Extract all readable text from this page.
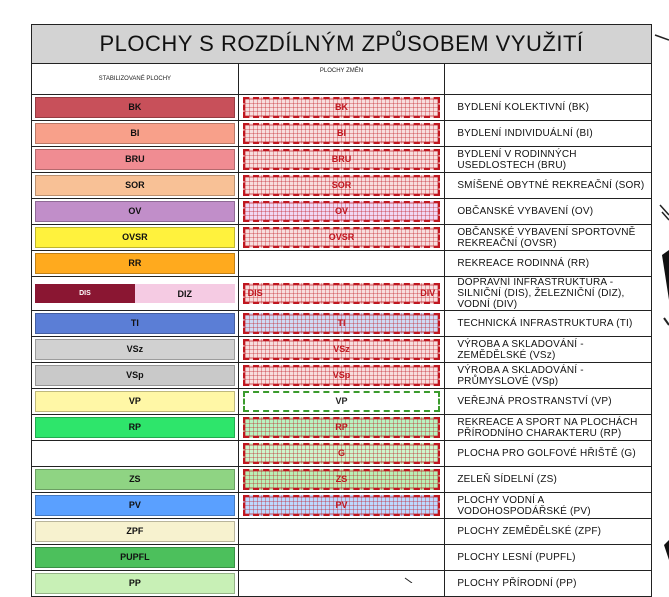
PLOCHY S ROZDÍLNÝM ZPŮSOBEM VYUŽITÍ		
STABILIZOVANÉ PLOCHY	PLOCHY ZMĚN	

BK	BK	BYDLENÍ KOLEKTIVNÍ (BK)

BI	BI	BYDLENÍ INDIVIDUÁLNÍ (BI)

BRU	BRU	BYDLENÍ V RODINNÝCH USEDLOSTECH (BRU)

SOR	SOR	SMÍŠENÉ OBYTNÉ REKREAČNÍ (SOR)

OV	OV	OBČANSKÉ VYBAVENÍ (OV)

OVSR	OVSR	OBČANSKÉ VYBAVENÍ SPORTOVNĚ REKREAČNÍ (OVSR)

RR		REKREACE RODINNÁ (RR)

DIS DIZ	DIS DIV	DOPRAVNÍ INFRASTRUKTURA - SILNIČNÍ (DIS), ŽELEZNIČNÍ (DIZ), VODNÍ (DIV)

TI	TI	TECHNICKÁ INFRASTRUKTURA (TI)

VSz	VSz	VÝROBA A SKLADOVÁNÍ - ZEMĚDĚLSKÉ (VSz)

VSp	VSp	VÝROBA A SKLADOVÁNÍ - PRŮMYSLOVÉ (VSp)

VP	VP	VEŘEJNÁ PROSTRANSTVÍ (VP)

RP	RP	REKREACE A SPORT NA PLOCHÁCH PŘÍRODNÍHO CHARAKTERU (RP)

	G	PLOCHA PRO GOLFOVÉ HŘIŠTĚ (G)

ZS	ZS	ZELEŇ SÍDELNÍ (ZS)

PV	PV	PLOCHY VODNÍ A VODOHOSPODÁŘSKÉ (PV)

ZPF		PLOCHY ZEMĚDĚLSKÉ (ZPF)

PUPFL		PLOCHY LESNÍ (PUPFL)

PP		PLOCHY PŘÍRODNÍ (PP)
